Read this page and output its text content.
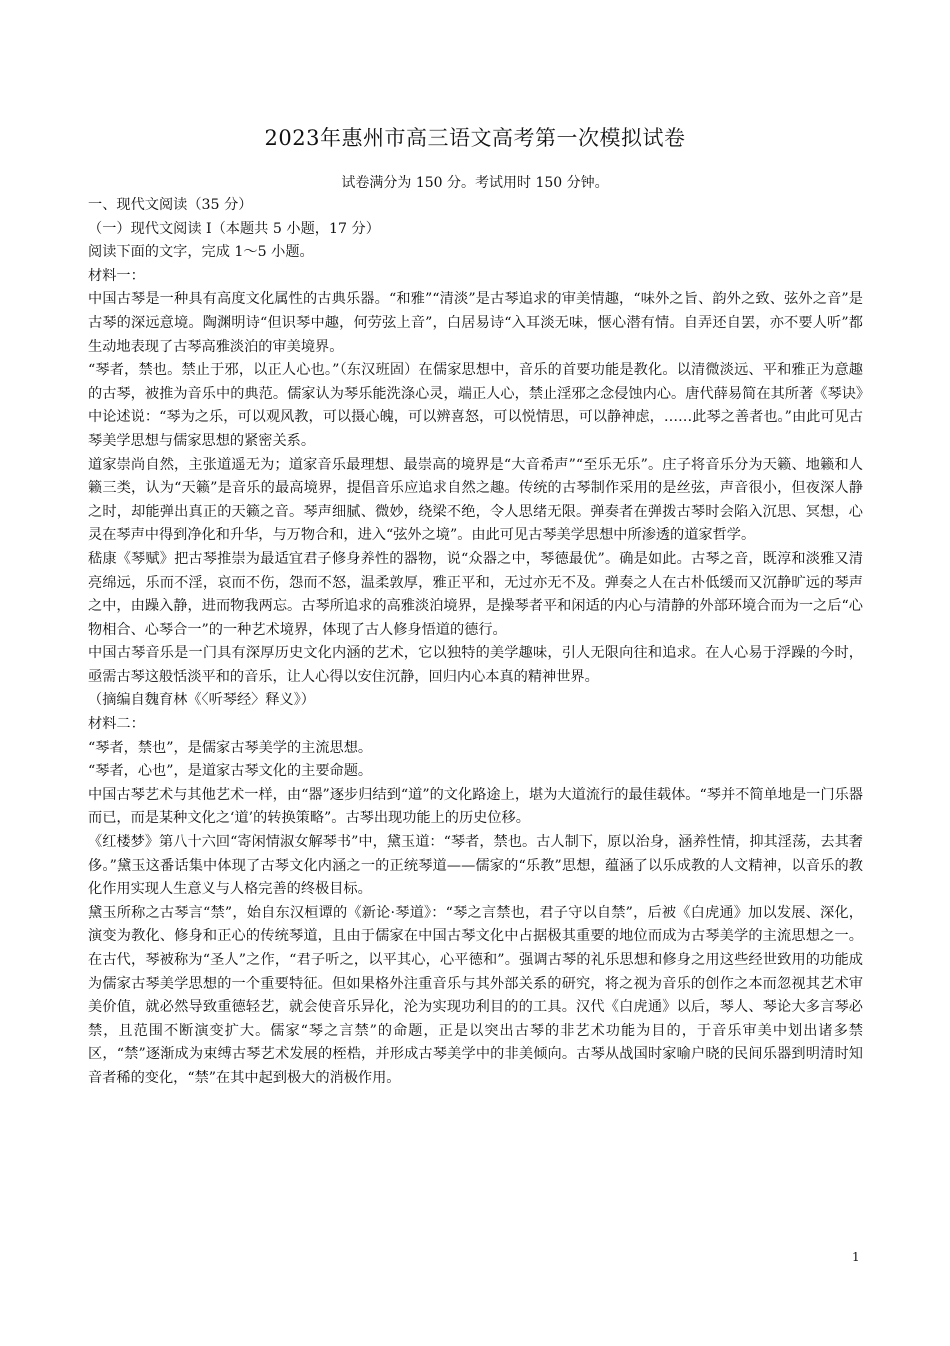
2023年惠州市高三语文高考第一次模拟试卷
试卷满分为 150 分。考试用时 150 分钟。

一、现代文阅读（35 分）

（一）现代文阅读 I（本题共 5 小题，17 分）

阅读下面的文字，完成 1～5 小题。

材料一：

中国古琴是一种具有高度文化属性的古典乐器。“和雅”“清淡”是古琴追求的审美情趣，“味外之旨、韵外之致、弦外之音”是古琴的深远意境。陶渊明诗“但识琴中趣，何劳弦上音”，白居易诗“入耳淡无味，惬心潜有情。自弄还自罢，亦不要人听”都生动地表现了古琴高雅淡泊的审美境界。

“琴者，禁也。禁止于邪，以正人心也。”（东汉班固）在儒家思想中，音乐的首要功能是教化。以清微淡远、平和雅正为意趣的古琴，被推为音乐中的典范。儒家认为琴乐能洗涤心灵，端正人心，禁止淫邪之念侵蚀内心。唐代薛易简在其所著《琴诀》中论述说：“琴为之乐，可以观风教，可以摄心魄，可以辨喜怒，可以悦情思，可以静神虑，……此琴之善者也。”由此可见古琴美学思想与儒家思想的紧密关系。

道家崇尚自然，主张道遥无为；道家音乐最理想、最崇高的境界是“大音希声”“至乐无乐”。庄子将音乐分为天籁、地籁和人籁三类，认为“天籁”是音乐的最高境界，提倡音乐应追求自然之趣。传统的古琴制作采用的是丝弦，声音很小，但夜深人静之时，却能弹出真正的天籁之音。琴声细腻、微妙，绕梁不绝，令人思绪无限。弹奏者在弹拨古琴时会陷入沉思、冥想，心灵在琴声中得到净化和升华，与万物合和，进入“弦外之境”。由此可见古琴美学思想中所渗透的道家哲学。

嵇康《琴赋》把古琴推崇为最适宜君子修身养性的器物，说“众器之中，琴德最优”。确是如此。古琴之音，既淳和淡雅又清亮绵远，乐而不淫，哀而不伤，怨而不怒，温柔敦厚，雅正平和，无过亦无不及。弹奏之人在古朴低缓而又沉静旷远的琴声之中，由躁入静，进而物我两忘。古琴所追求的高雅淡泊境界，是操琴者平和闲适的内心与清静的外部环境合而为一之后“心物相合、心琴合一”的一种艺术境界，体现了古人修身悟道的德行。

中国古琴音乐是一门具有深厚历史文化内涵的艺术，它以独特的美学趣味，引人无限向往和追求。在人心易于浮躁的今时，亟需古琴这般恬淡平和的音乐，让人心得以安住沉静，回归内心本真的精神世界。

（摘编自魏育林《〈听琴经〉释义》）

材料二：

“琴者，禁也”，是儒家古琴美学的主流思想。

“琴者，心也”，是道家古琴文化的主要命题。

中国古琴艺术与其他艺术一样，由“器”逐步归结到“道”的文化路途上，堪为大道流行的最佳载体。“琴并不简单地是一门乐器而已，而是某种文化之‘道’的转换策略”。古琴出现功能上的历史位移。

《红楼梦》第八十六回“寄闲情淑女解琴书”中，黛玉道：“琴者，禁也。古人制下，原以治身，涵养性情，抑其淫荡，去其奢侈。”黛玉这番话集中体现了古琴文化内涵之一的正统琴道——儒家的“乐教”思想，蕴涵了以乐成教的人文精神，以音乐的教化作用实现人生意义与人格完善的终极目标。

黛玉所称之古琴言“禁”，始自东汉桓谭的《新论·琴道》：“琴之言禁也，君子守以自禁”，后被《白虎通》加以发展、深化，演变为教化、修身和正心的传统琴道，且由于儒家在中国古琴文化中占据极其重要的地位而成为古琴美学的主流思想之一。在古代，琴被称为“圣人”之作，“君子听之，以平其心，心平德和”。强调古琴的礼乐思想和修身之用这些经世致用的功能成为儒家古琴美学思想的一个重要特征。但如果格外注重音乐与其外部关系的研究，将之视为音乐的创作之本而忽视其艺术审美价值，就必然导致重德轻艺，就会使音乐异化，沦为实现功利目的的工具。汉代《白虎通》以后，琴人、琴论大多言琴必禁，且范围不断演变扩大。儒家“琴之言禁”的命题，正是以突出古琴的非艺术功能为目的，于音乐审美中划出诸多禁区，“禁”逐渐成为束缚古琴艺术发展的桎梏，并形成古琴美学中的非美倾向。古琴从战国时家喻户晓的民间乐器到明清时知音者稀的变化，“禁”在其中起到极大的消极作用。

1
